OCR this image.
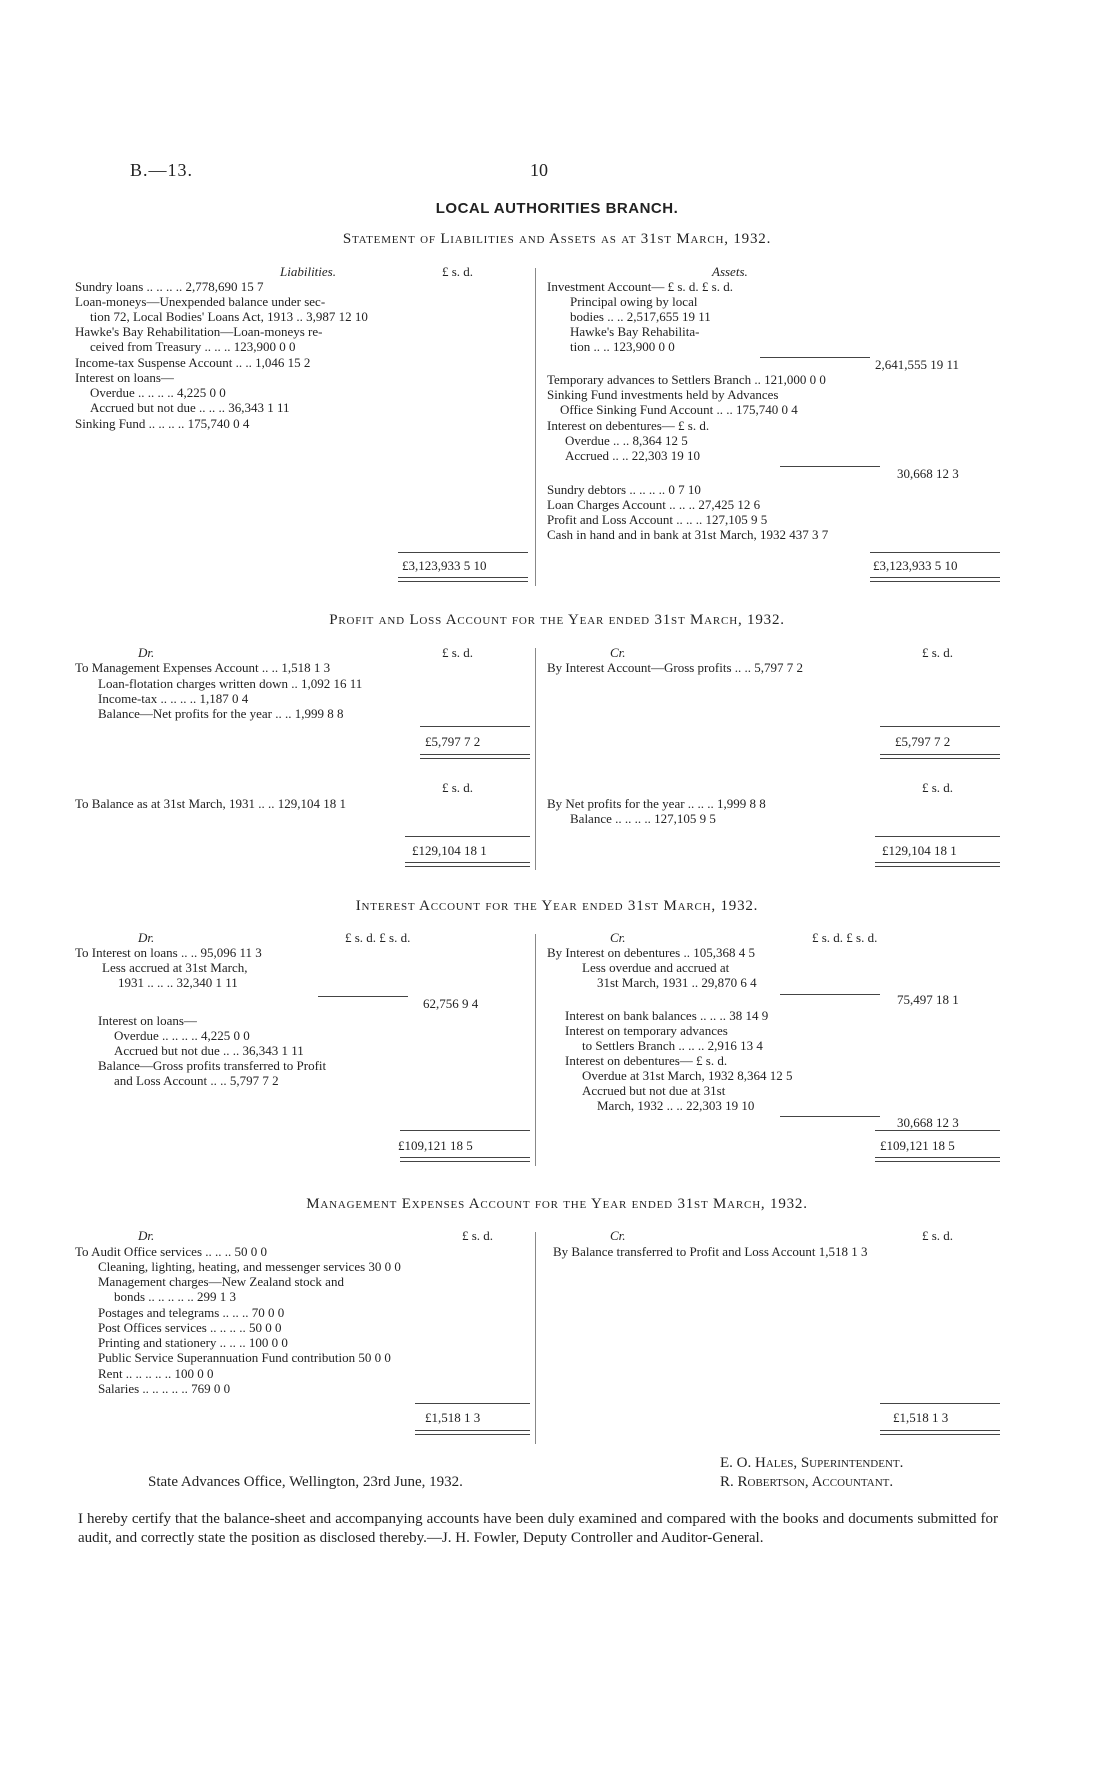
B.—13.	10
LOCAL AUTHORITIES BRANCH.
Statement of Liabilities and Assets as at 31st March, 1932.
Liabilities.	£ s. d.	Assets.
Sundry loans .. .. .. .. 2,778,690 15 7
Loan-moneys—Unexpended balance under sec-
tion 72, Local Bodies' Loans Act, 1913 .. 3,987 12 10
Hawke's Bay Rehabilitation—Loan-moneys re-
ceived from Treasury .. .. .. 123,900 0 0
Income-tax Suspense Account .. .. 1,046 15 2
Interest on loans—
Overdue .. .. .. .. 4,225 0 0
Accrued but not due .. .. .. 36,343 1 11
Sinking Fund .. .. .. .. 175,740 0 4
£3,123,933 5 10
Investment Account— £ s. d. £ s. d.
Principal owing by local
bodies .. .. 2,517,655 19 11
Hawke's Bay Rehabilita-
tion .. .. 123,900 0 0
2,641,555 19 11
Temporary advances to Settlers Branch .. 121,000 0 0
Sinking Fund investments held by Advances
Office Sinking Fund Account .. .. 175,740 0 4
Interest on debentures— £ s. d.
Overdue .. .. 8,364 12 5
Accrued .. .. 22,303 19 10
30,668 12 3
Sundry debtors .. .. .. .. 0 7 10
Loan Charges Account .. .. .. 27,425 12 6
Profit and Loss Account .. .. .. 127,105 9 5
Cash in hand and in bank at 31st March, 1932 437 3 7
£3,123,933 5 10
Profit and Loss Account for the Year ended 31st March, 1932.
Dr.	£ s. d.	Cr.	£ s. d.
To Management Expenses Account .. .. 1,518 1 3
Loan-flotation charges written down .. 1,092 16 11
Income-tax .. .. .. .. 1,187 0 4
Balance—Net profits for the year .. .. 1,999 8 8
£5,797 7 2
By Interest Account—Gross profits .. .. 5,797 7 2
£5,797 7 2
£ s. d.	£ s. d.
To Balance as at 31st March, 1931 .. .. 129,104 18 1
£129,104 18 1
By Net profits for the year .. .. .. 1,999 8 8
Balance .. .. .. .. 127,105 9 5
£129,104 18 1
Interest Account for the Year ended 31st March, 1932.
Dr.	£ s. d. £ s. d.	Cr.	£ s. d. £ s. d.
To Interest on loans .. .. 95,096 11 3
Less accrued at 31st March,
1931 .. .. .. 32,340 1 11
62,756 9 4
Interest on loans—
Overdue .. .. .. .. 4,225 0 0
Accrued but not due .. .. 36,343 1 11
Balance—Gross profits transferred to Profit
and Loss Account .. .. 5,797 7 2
£109,121 18 5
By Interest on debentures .. 105,368 4 5
Less overdue and accrued at
31st March, 1931 .. 29,870 6 4
75,497 18 1
Interest on bank balances .. .. .. 38 14 9
Interest on temporary advances
to Settlers Branch .. .. .. 2,916 13 4
Interest on debentures— £ s. d.
Overdue at 31st March, 1932 8,364 12 5
Accrued but not due at 31st
March, 1932 .. .. 22,303 19 10
30,668 12 3
£109,121 18 5
Management Expenses Account for the Year ended 31st March, 1932.
Dr.	£ s. d.	Cr.	£ s. d.
To Audit Office services .. .. .. 50 0 0
Cleaning, lighting, heating, and messenger services 30 0 0
Management charges—New Zealand stock and
bonds .. .. .. .. .. 299 1 3
Postages and telegrams .. .. .. 70 0 0
Post Offices services .. .. .. .. 50 0 0
Printing and stationery .. .. .. 100 0 0
Public Service Superannuation Fund contribution 50 0 0
Rent .. .. .. .. .. 100 0 0
Salaries .. .. .. .. .. 769 0 0
£1,518 1 3
By Balance transferred to Profit and Loss Account 1,518 1 3
£1,518 1 3
State Advances Office, Wellington, 23rd June, 1932.
E. O. Hales, Superintendent.
R. Robertson, Accountant.
I hereby certify that the balance-sheet and accompanying accounts have been duly examined and compared with the books and documents submitted for audit, and correctly state the position as disclosed thereby.—J. H. Fowler, Deputy Controller and Auditor-General.
